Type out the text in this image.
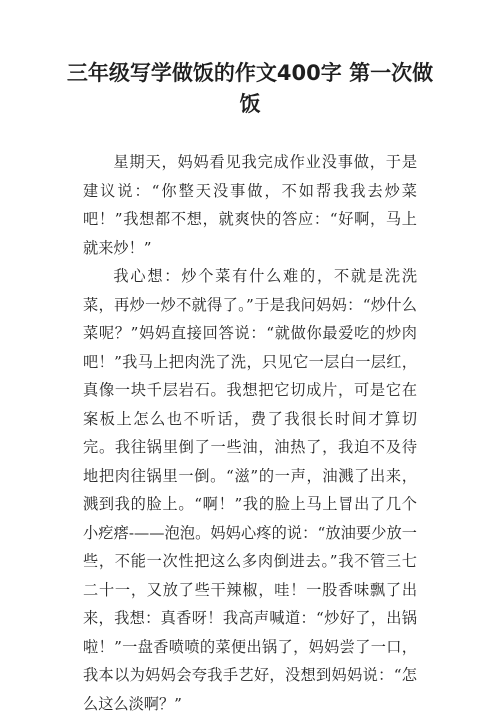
三年级写学做饭的作文400字 第一次做饭

星期天，妈妈看见我完成作业没事做，于是建议说：“你整天没事做，不如帮我我去炒菜吧！”我想都不想，就爽快的答应：“好啊，马上就来炒！”

我心想：炒个菜有什么难的，不就是洗洗菜，再炒一炒不就得了。”于是我问妈妈：“炒什么菜呢？”妈妈直接回答说：“就做你最爱吃的炒肉吧！”我马上把肉洗了洗，只见它一层白一层红，真像一块千层岩石。我想把它切成片，可是它在案板上怎么也不听话，费了我很长时间才算切完。我往锅里倒了一些油，油热了，我迫不及待地把肉往锅里一倒。“滋”的一声，油溅了出来，溅到我的脸上。“啊！”我的脸上马上冒出了几个小疙瘩-——泡泡。妈妈心疼的说：“放油要少放一些，不能一次性把这么多肉倒进去。”我不管三七二十一，又放了些干辣椒，哇！一股香味飘了出来，我想：真香呀！我高声喊道：“炒好了，出锅啦！”一盘香喷喷的菜便出锅了，妈妈尝了一口，我本以为妈妈会夸我手艺好，没想到妈妈说：“怎么这么淡啊？”
